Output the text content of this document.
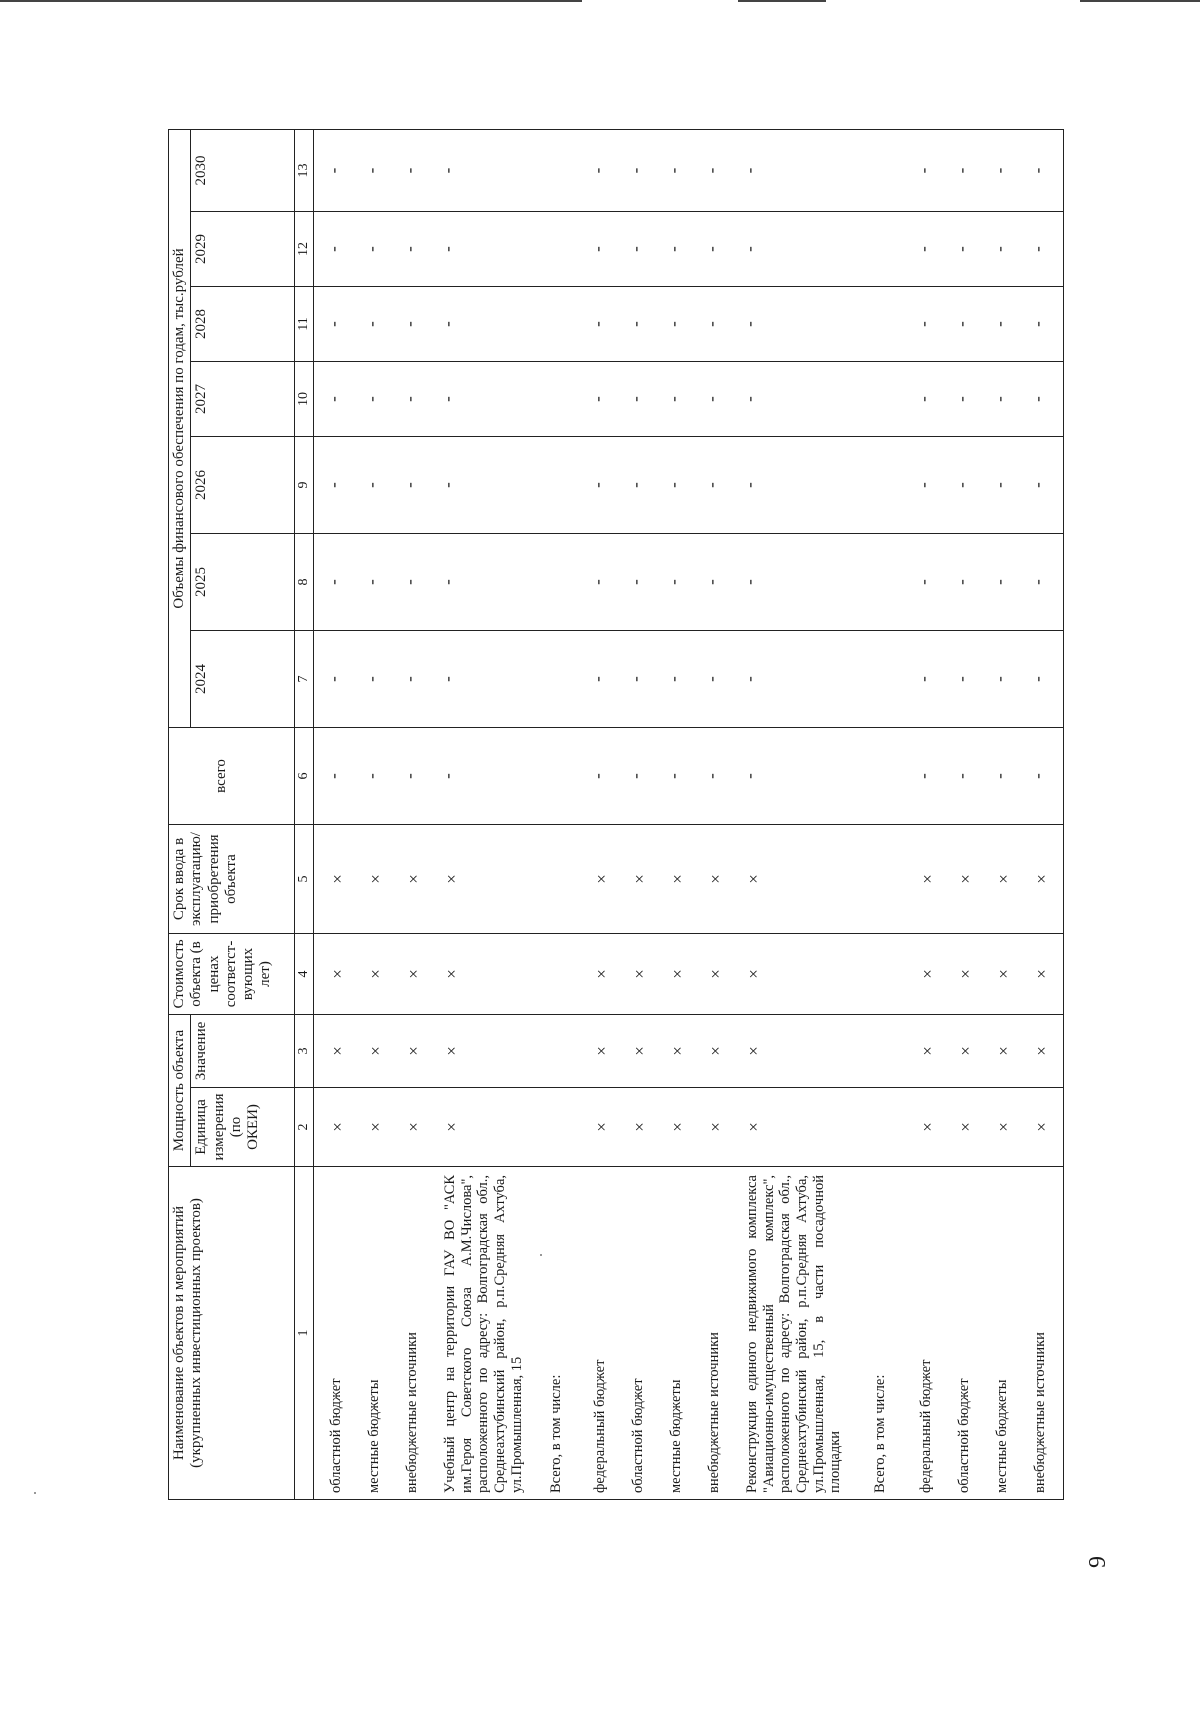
9
Наименование объектов и мероприятий (укрупненных инвестиционных проектов)	Мощность объекта		Стоимость объекта (в ценах соответст-вующих лет)	Срок ввода в эксплуатацию/ приобретения объекта	всего	Объемы финансового обеспечения по годам, тыс.рублей						
	Единица измерения (по ОКЕИ)	Значение				2024	2025	2026	2027	2028	2029	2030
1	2	3	4	5	6	7	8	9	10	11	12	13
областной бюджет	×	×	×	×	-	-	-	-	-	-	-	-
местные бюджеты	×	×	×	×	-	-	-	-	-	-	-	-
внебюджетные источники	×	×	×	×	-	-	-	-	-	-	-	-
Учебный центр на территории ГАУ ВО "АСК им.Героя Советского Союза А.М.Числова", расположенного по адресу: Волгоградская обл., Среднеахтубинский район, р.п.Средняя Ахтуба, ул.Промышленная, 15	×	×	×	×	-	-	-	-	-	-	-	-
Всего, в том числе:												
федеральный бюджет	×	×	×	×	-	-	-	-	-	-	-	-
областной бюджет	×	×	×	×	-	-	-	-	-	-	-	-
местные бюджеты	×	×	×	×	-	-	-	-	-	-	-	-
внебюджетные источники	×	×	×	×	-	-	-	-	-	-	-	-
Реконструкция единого недвижимого комплекса "Авиационно-имущественный комплекс", расположенного по адресу: Волгоградская обл., Среднеахтубинский район, р.п.Средняя Ахтуба, ул.Промышленная, 15, в части посадочной площадки	×	×	×	×	-	-	-	-	-	-	-	-
Всего, в том числе:												
федеральный бюджет	×	×	×	×	-	-	-	-	-	-	-	-
областной бюджет	×	×	×	×	-	-	-	-	-	-	-	-
местные бюджеты	×	×	×	×	-	-	-	-	-	-	-	-
внебюджетные источники	×	×	×	×	-	-	-	-	-	-	-	-
